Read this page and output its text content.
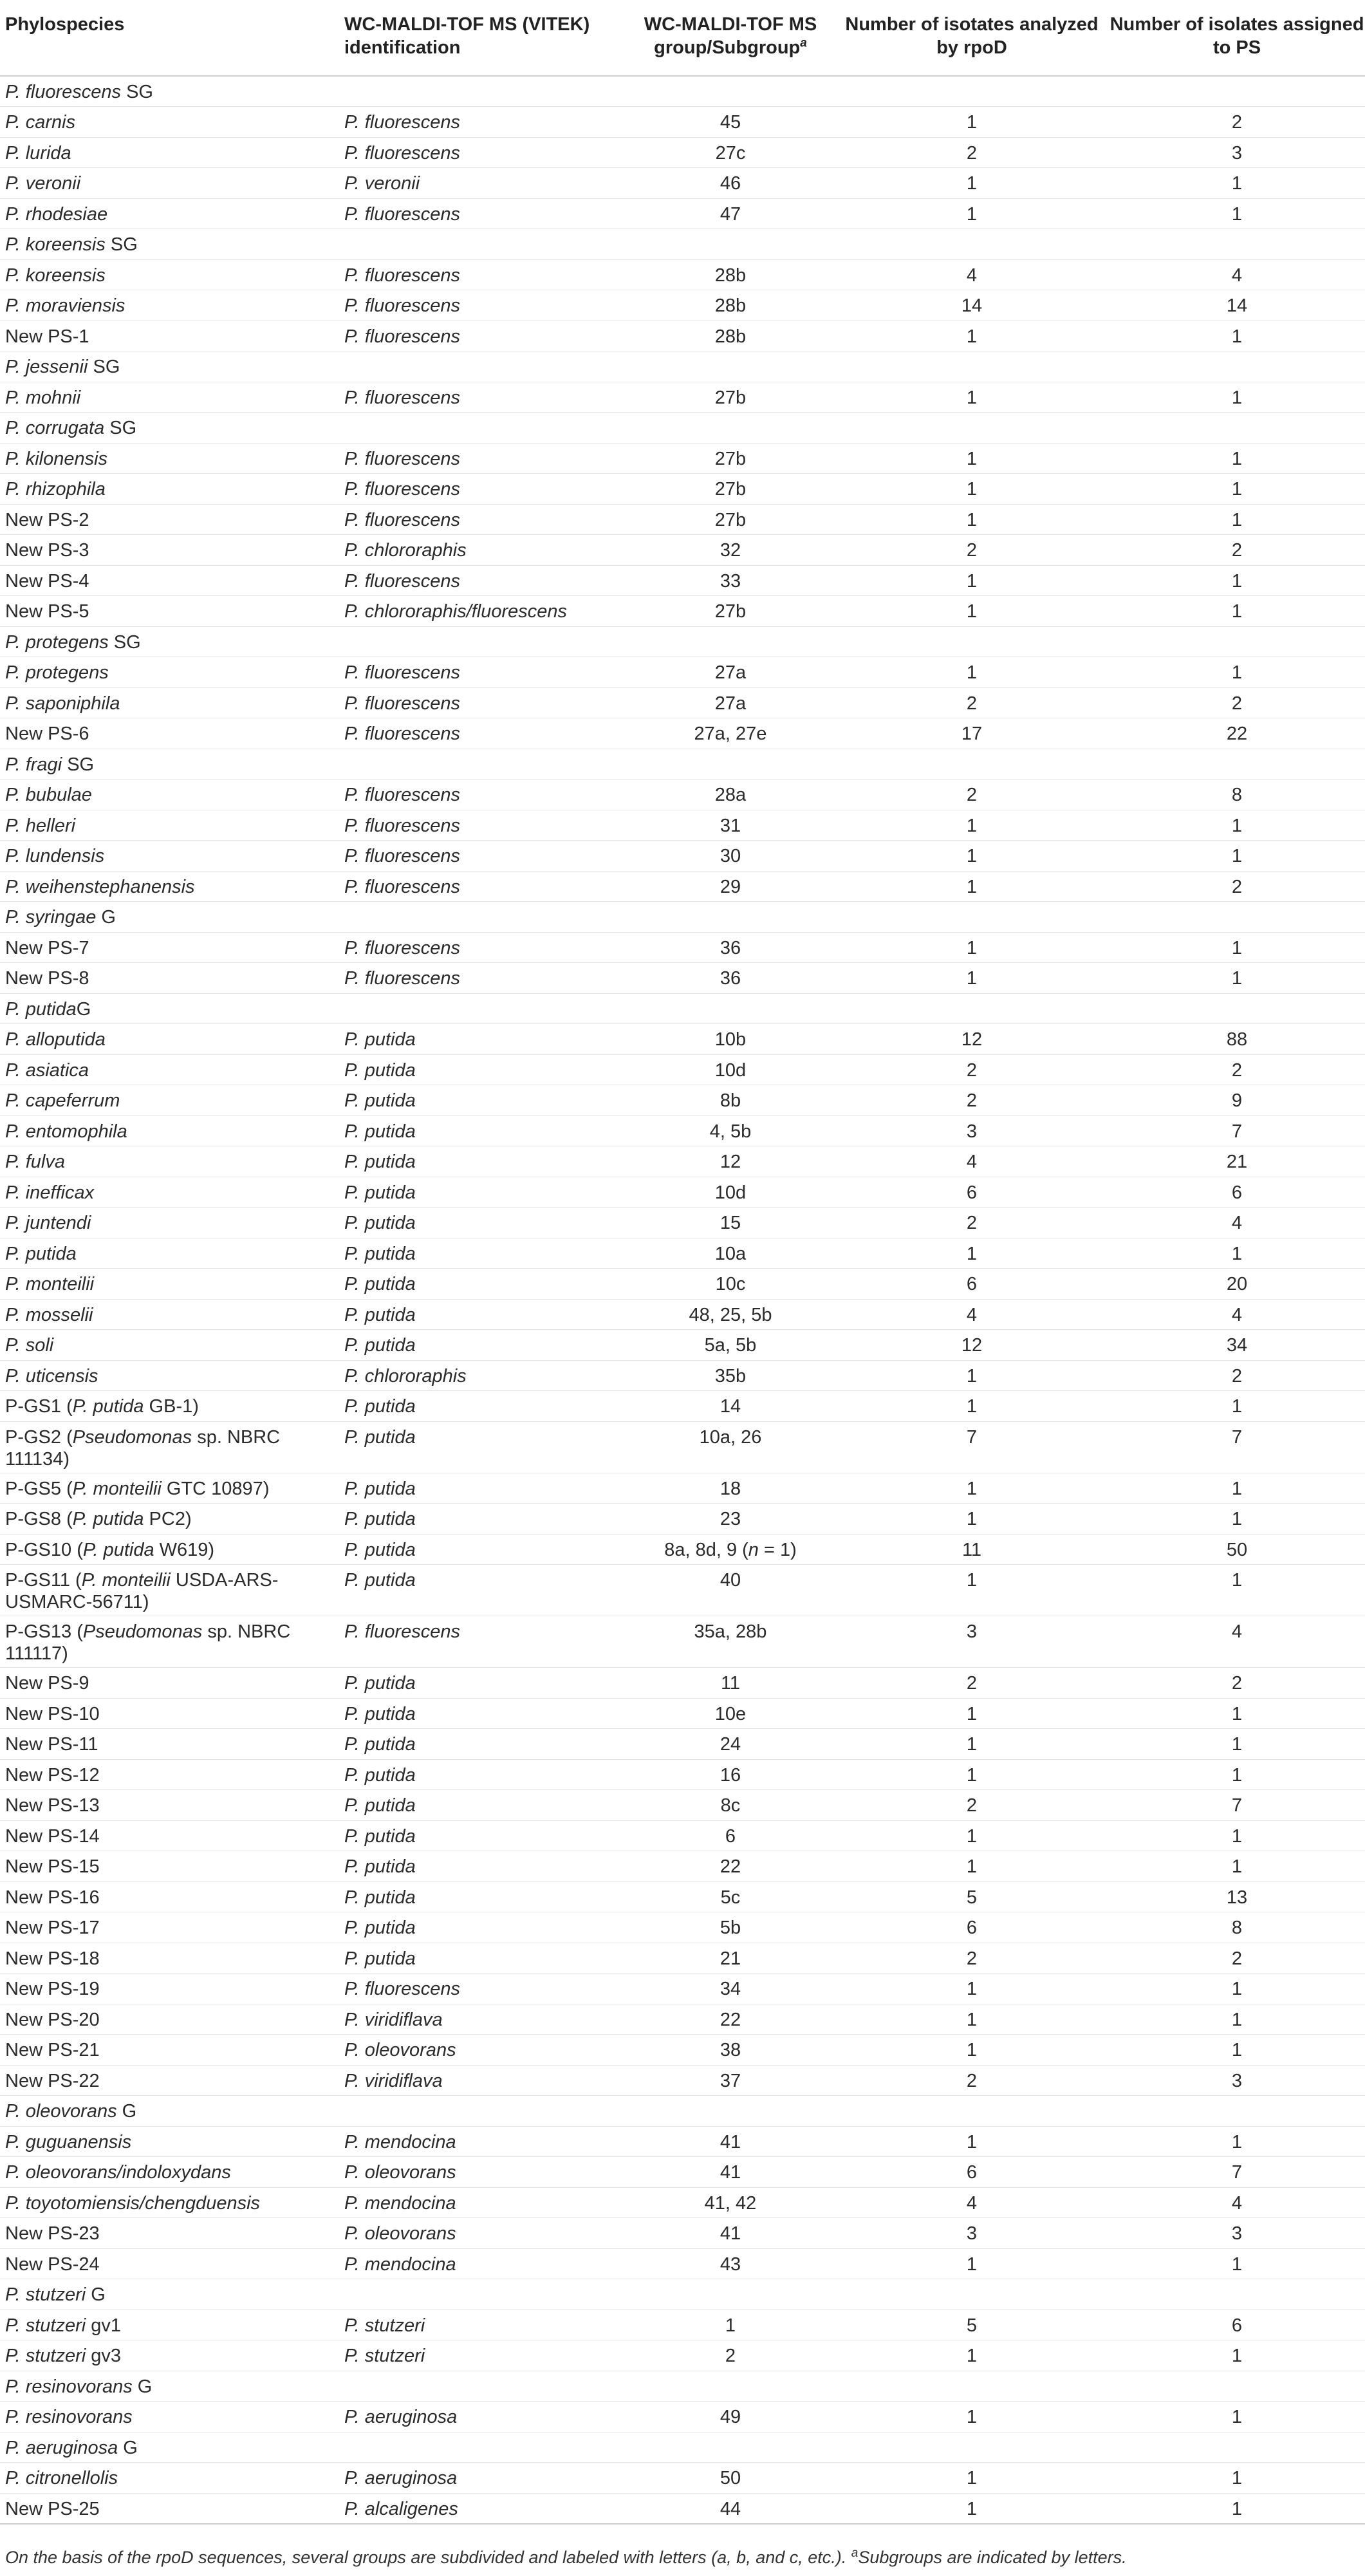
Phylospecies	WC-MALDI-TOF MS (VITEK) identification	WC-MALDI-TOF MS group/Subgroup$^a$	Number of isotates analyzed by rpoD	Number of isolates assigned to PS
P. fluorescens SG				
P. carnis	P. fluorescens	45	1	2
P. lurida	P. fluorescens	27c	2	3
P. veronii	P. veronii	46	1	1
P. rhodesiae	P. fluorescens	47	1	1
P. koreensis SG				
P. koreensis	P. fluorescens	28b	4	4
P. moraviensis	P. fluorescens	28b	14	14
New PS-1	P. fluorescens	28b	1	1
P. jessenii SG				
P. mohnii	P. fluorescens	27b	1	1
P. corrugata SG				
P. kilonensis	P. fluorescens	27b	1	1
P. rhizophila	P. fluorescens	27b	1	1
New PS-2	P. fluorescens	27b	1	1
New PS-3	P. chlororaphis	32	2	2
New PS-4	P. fluorescens	33	1	1
New PS-5	P. chlororaphis/fluorescens	27b	1	1
P. protegens SG				
P. protegens	P. fluorescens	27a	1	1
P. saponiphila	P. fluorescens	27a	2	2
New PS-6	P. fluorescens	27a, 27e	17	22
P. fragi SG				
P. bubulae	P. fluorescens	28a	2	8
P. helleri	P. fluorescens	31	1	1
P. lundensis	P. fluorescens	30	1	1
P. weihenstephanensis	P. fluorescens	29	1	2
P. syringae G				
New PS-7	P. fluorescens	36	1	1
New PS-8	P. fluorescens	36	1	1
P. putidaG				
P. alloputida	P. putida	10b	12	88
P. asiatica	P. putida	10d	2	2
P. capeferrum	P. putida	8b	2	9
P. entomophila	P. putida	4, 5b	3	7
P. fulva	P. putida	12	4	21
P. inefficax	P. putida	10d	6	6
P. juntendi	P. putida	15	2	4
P. putida	P. putida	10a	1	1
P. monteilii	P. putida	10c	6	20
P. mosselii	P. putida	48, 25, 5b	4	4
P. soli	P. putida	5a, 5b	12	34
P. uticensis	P. chlororaphis	35b	1	2
P-GS1 (P. putida GB-1)	P. putida	14	1	1
P-GS2 (Pseudomonas sp. NBRC 111134)	P. putida	10a, 26	7	7
P-GS5 (P. monteilii GTC 10897)	P. putida	18	1	1
P-GS8 (P. putida PC2)	P. putida	23	1	1
P-GS10 (P. putida W619)	P. putida	8a, 8d, 9 (n = 1)	11	50
P-GS11 (P. monteilii USDA-ARS-USMARC-56711)	P. putida	40	1	1
P-GS13 (Pseudomonas sp. NBRC 111117)	P. fluorescens	35a, 28b	3	4
New PS-9	P. putida	11	2	2
New PS-10	P. putida	10e	1	1
New PS-11	P. putida	24	1	1
New PS-12	P. putida	16	1	1
New PS-13	P. putida	8c	2	7
New PS-14	P. putida	6	1	1
New PS-15	P. putida	22	1	1
New PS-16	P. putida	5c	5	13
New PS-17	P. putida	5b	6	8
New PS-18	P. putida	21	2	2
New PS-19	P. fluorescens	34	1	1
New PS-20	P. viridiflava	22	1	1
New PS-21	P. oleovorans	38	1	1
New PS-22	P. viridiflava	37	2	3
P. oleovorans G				
P. guguanensis	P. mendocina	41	1	1
P. oleovorans/indoloxydans	P. oleovorans	41	6	7
P. toyotomiensis/chengduensis	P. mendocina	41, 42	4	4
New PS-23	P. oleovorans	41	3	3
New PS-24	P. mendocina	43	1	1
P. stutzeri G				
P. stutzeri gv1	P. stutzeri	1	5	6
P. stutzeri gv3	P. stutzeri	2	1	1
P. resinovorans G				
P. resinovorans	P. aeruginosa	49	1	1
P. aeruginosa G				
P. citronellolis	P. aeruginosa	50	1	1
New PS-25	P. alcaligenes	44	1	1
On the basis of the rpoD sequences, several groups are subdivided and labeled with letters (a, b, and c, etc.). $^a$Subgroups are indicated by letters.
